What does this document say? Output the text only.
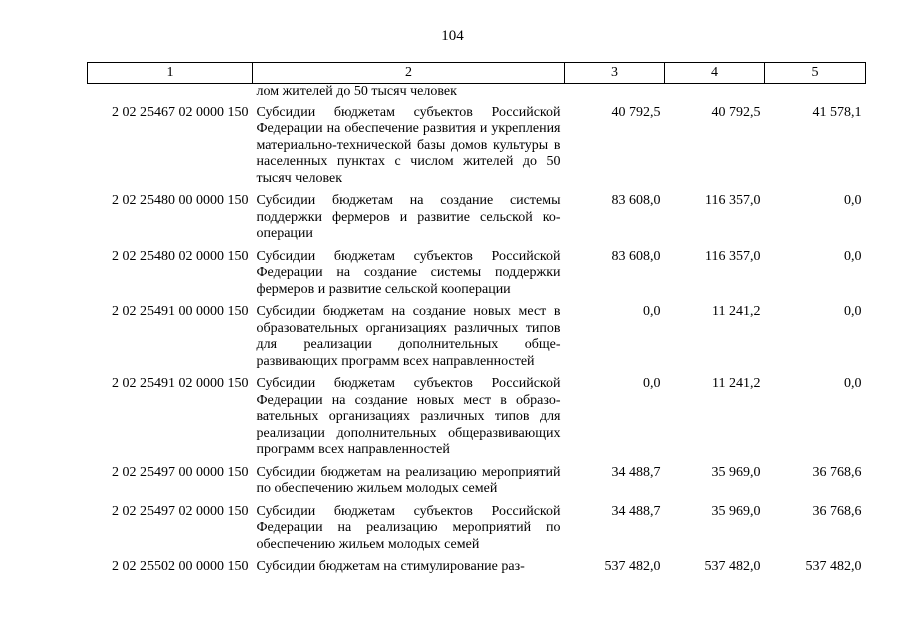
104
1	2	3	4	5
	лом жителей до 50 тысяч человек			
2 02 25467 02 0000 150	Субсидии бюджетам субъектов Российской Федерации на обеспечение развития и укрепления материально-технической базы домов культуры в населенных пунктах с числом жителей до 50 тысяч человек	40 792,5	40 792,5	41 578,1
2 02 25480 00 0000 150	Субсидии бюджетам на создание системы поддержки фермеров и развитие сельской кооперации	83 608,0	116 357,0	0,0
2 02 25480 02 0000 150	Субсидии бюджетам субъектов Российской Федерации на создание системы поддержки фермеров и развитие сельской кооперации	83 608,0	116 357,0	0,0
2 02 25491 00 0000 150	Субсидии бюджетам на создание новых мест в образовательных организациях различных типов для реализации дополнительных общеразвивающих программ всех направленностей	0,0	11 241,2	0,0
2 02 25491 02 0000 150	Субсидии бюджетам субъектов Российской Федерации на создание новых мест в образовательных организациях различных типов для реализации дополнительных общеразвивающих программ всех направленностей	0,0	11 241,2	0,0
2 02 25497 00 0000 150	Субсидии бюджетам на реализацию мероприятий по обеспечению жильем молодых семей	34 488,7	35 969,0	36 768,6
2 02 25497 02 0000 150	Субсидии бюджетам субъектов Российской Федерации на реализацию мероприятий по обеспечению жильем молодых семей	34 488,7	35 969,0	36 768,6
2 02 25502 00 0000 150	Субсидии бюджетам на стимулирование раз-	537 482,0	537 482,0	537 482,0
